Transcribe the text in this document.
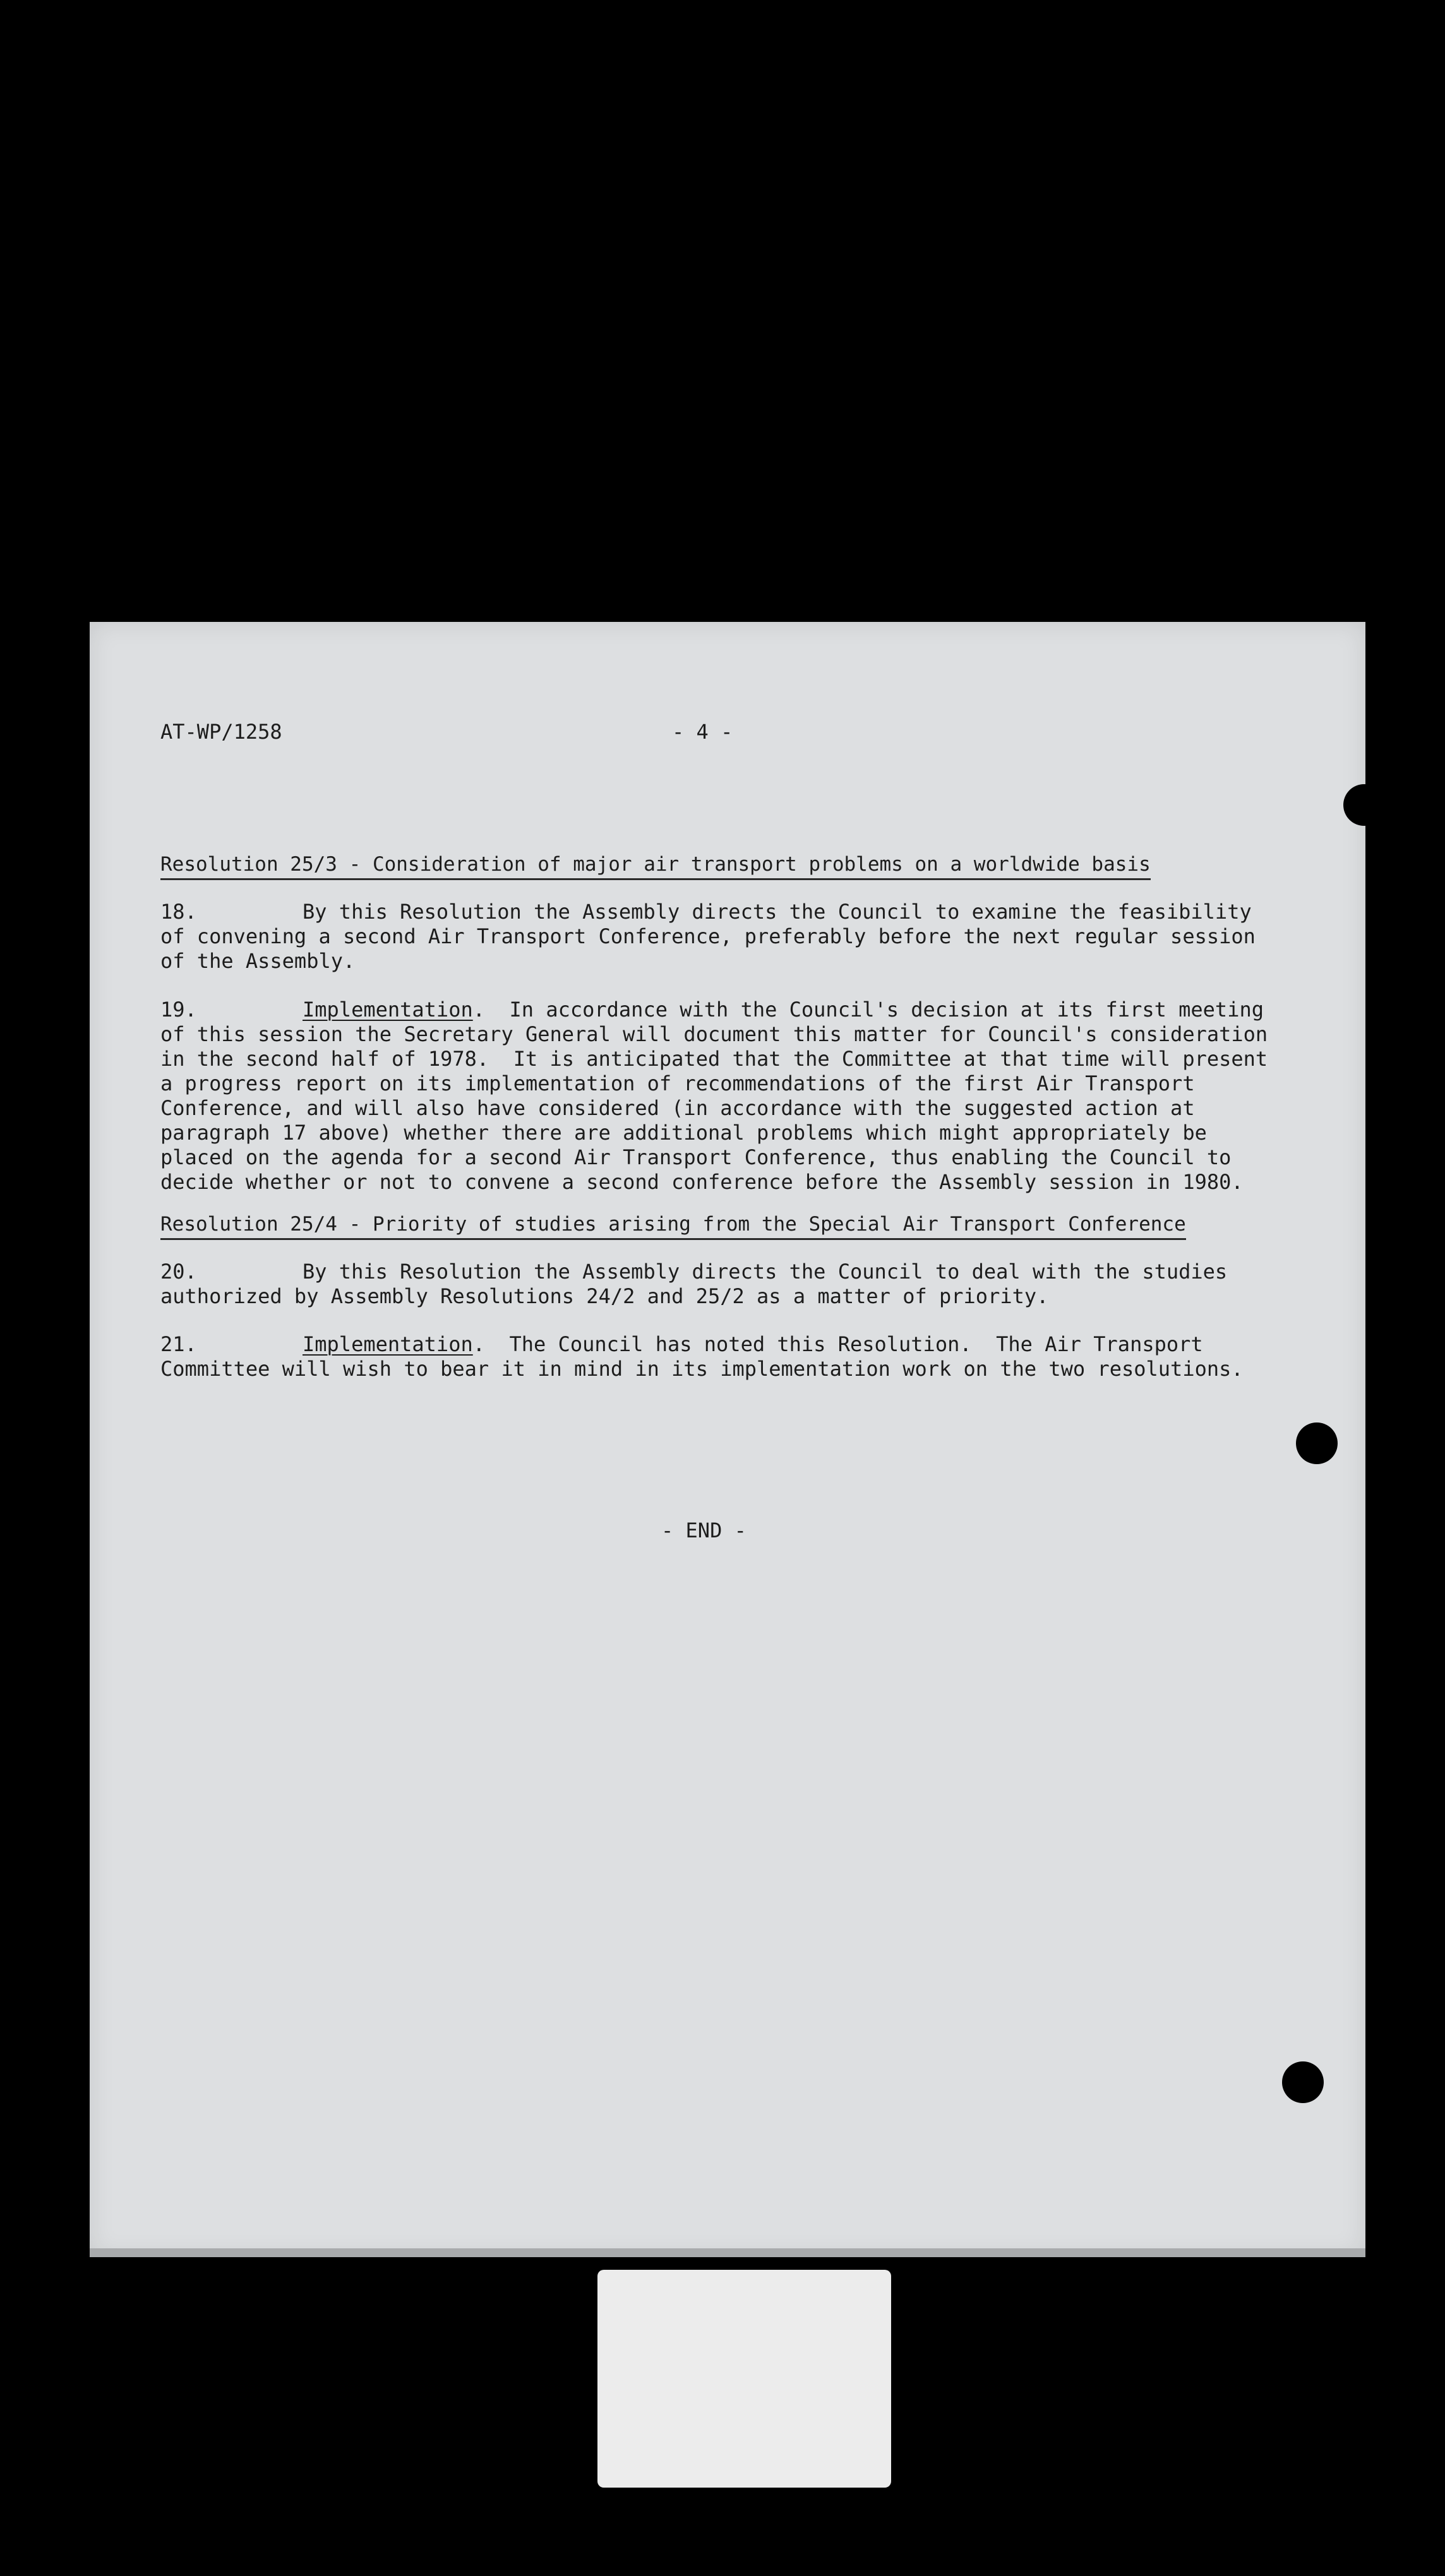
AT-WP/1258	- 4 -
Resolution 25/3 - Consideration of major air transport problems on a worldwide basis
18.	By this Resolution the Assembly directs the Council to examine the feasibility
of convening a second Air Transport Conference, preferably before the next regular session
of the Assembly.
19.	Implementation.  In accordance with the Council's decision at its first meeting
of this session the Secretary General will document this matter for Council's consideration
in the second half of 1978.  It is anticipated that the Committee at that time will present
a progress report on its implementation of recommendations of the first Air Transport
Conference, and will also have considered (in accordance with the suggested action at
paragraph 17 above) whether there are additional problems which might appropriately be
placed on the agenda for a second Air Transport Conference, thus enabling the Council to
decide whether or not to convene a second conference before the Assembly session in 1980.
Resolution 25/4 - Priority of studies arising from the Special Air Transport Conference
20.	By this Resolution the Assembly directs the Council to deal with the studies
authorized by Assembly Resolutions 24/2 and 25/2 as a matter of priority.
21.	Implementation.  The Council has noted this Resolution.  The Air Transport
Committee will wish to bear it in mind in its implementation work on the two resolutions.
- END -
